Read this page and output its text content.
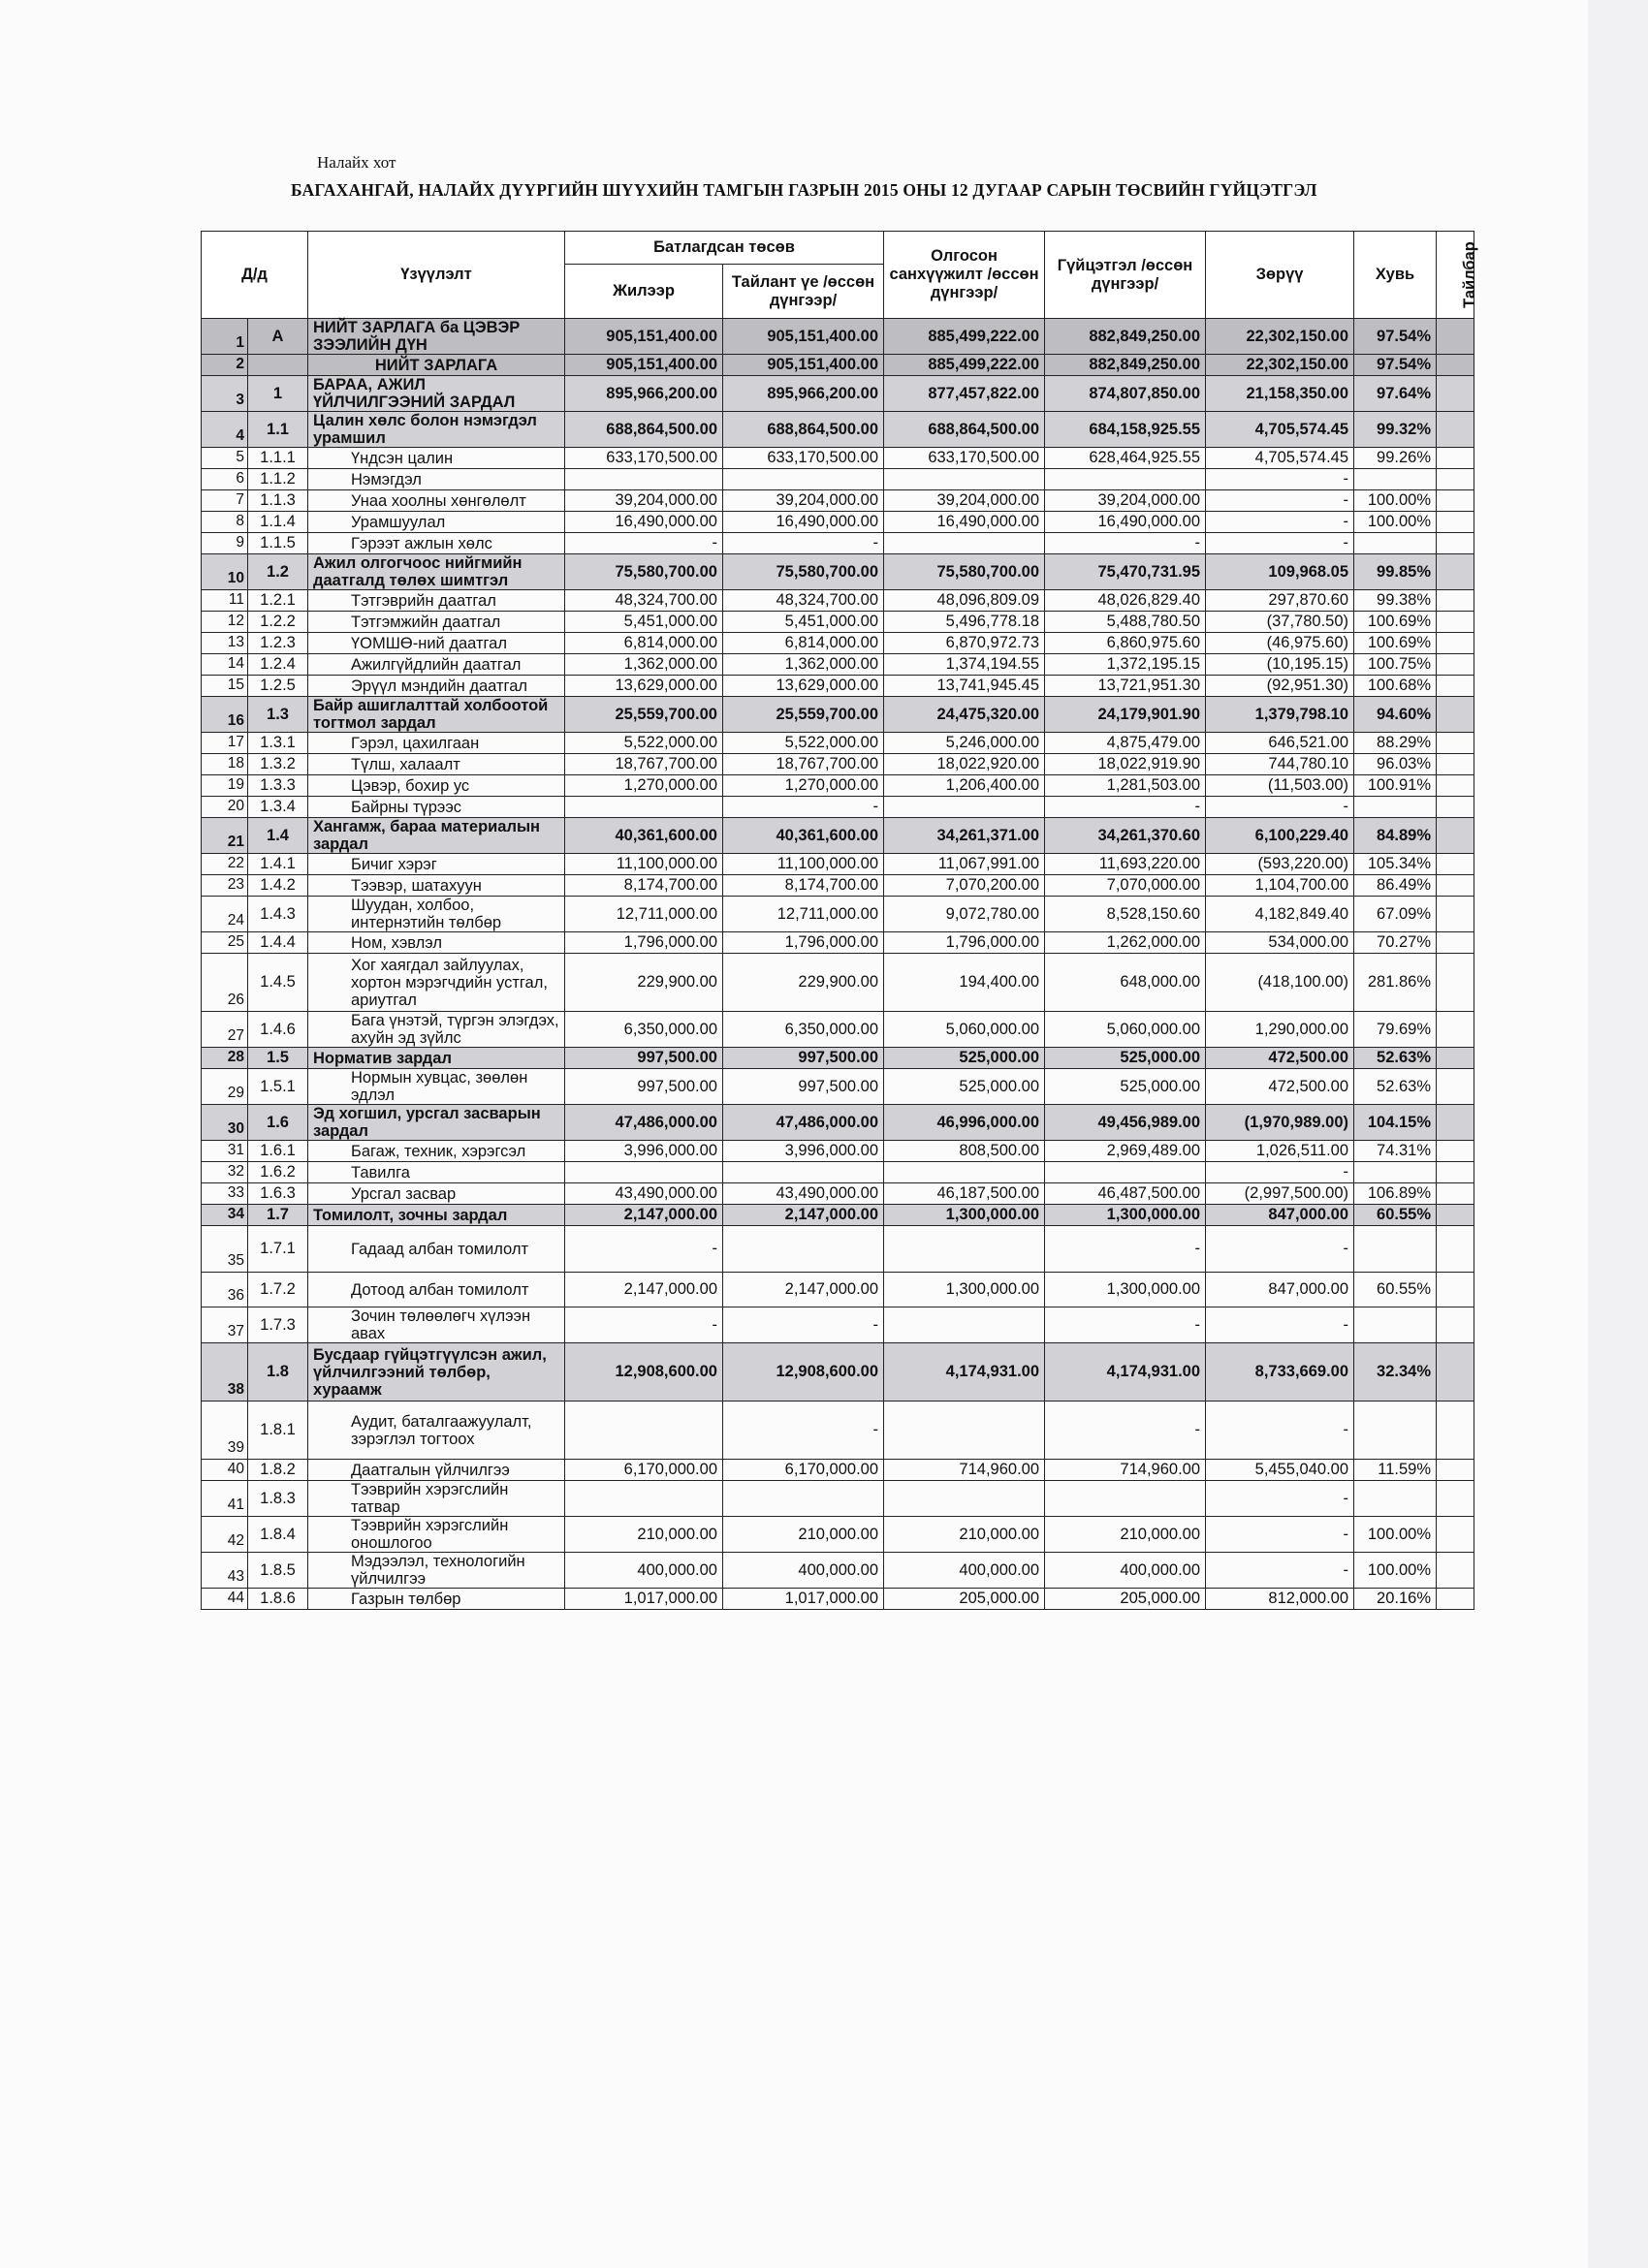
Налайх хот
БАГАХАНГАЙ, НАЛАЙХ ДҮҮРГИЙН ШҮҮХИЙН ТАМГЫН ГАЗРЫН 2015 ОНЫ 12 ДУГААР САРЫН ТӨСВИЙН ГҮЙЦЭТГЭЛ
Д/д		Үзүүлэлт	Батлагдсан төсөв		Олгосон санхүүжилт /өссөн дүнгээр/	Гүйцэтгэл /өссөн дүнгээр/	Зөрүү	Хувь	Тайлбар
			Жилээр	Тайлант үе /өссөн дүнгээр/					
1	А	НИЙТ ЗАРЛАГА ба ЦЭВЭР ЗЭЭЛИЙН ДҮН	905,151,400.00	905,151,400.00	885,499,222.00	882,849,250.00	22,302,150.00	97.54%	
2		НИЙТ ЗАРЛАГА	905,151,400.00	905,151,400.00	885,499,222.00	882,849,250.00	22,302,150.00	97.54%	
3	1	БАРАА, АЖИЛ ҮЙЛЧИЛГЭЭНИЙ ЗАРДАЛ	895,966,200.00	895,966,200.00	877,457,822.00	874,807,850.00	21,158,350.00	97.64%	
4	1.1	Цалин хөлс болон нэмэгдэл урамшил	688,864,500.00	688,864,500.00	688,864,500.00	684,158,925.55	4,705,574.45	99.32%	
5	1.1.1	Үндсэн цалин	633,170,500.00	633,170,500.00	633,170,500.00	628,464,925.55	4,705,574.45	99.26%	
6	1.1.2	Нэмэгдэл					-		
7	1.1.3	Унаа хоолны хөнгөлөлт	39,204,000.00	39,204,000.00	39,204,000.00	39,204,000.00	-	100.00%	
8	1.1.4	Урамшуулал	16,490,000.00	16,490,000.00	16,490,000.00	16,490,000.00	-	100.00%	
9	1.1.5	Гэрээт ажлын хөлс	-	-		-	-		
10	1.2	Ажил олгогчоос нийгмийн даатгалд төлөх шимтгэл	75,580,700.00	75,580,700.00	75,580,700.00	75,470,731.95	109,968.05	99.85%	
11	1.2.1	Тэтгэврийн даатгал	48,324,700.00	48,324,700.00	48,096,809.09	48,026,829.40	297,870.60	99.38%	
12	1.2.2	Тэтгэмжийн даатгал	5,451,000.00	5,451,000.00	5,496,778.18	5,488,780.50	(37,780.50)	100.69%	
13	1.2.3	ҮОМШӨ-ний даатгал	6,814,000.00	6,814,000.00	6,870,972.73	6,860,975.60	(46,975.60)	100.69%	
14	1.2.4	Ажилгүйдлийн даатгал	1,362,000.00	1,362,000.00	1,374,194.55	1,372,195.15	(10,195.15)	100.75%	
15	1.2.5	Эрүүл мэндийн даатгал	13,629,000.00	13,629,000.00	13,741,945.45	13,721,951.30	(92,951.30)	100.68%	
16	1.3	Байр ашиглалттай холбоотой тогтмол зардал	25,559,700.00	25,559,700.00	24,475,320.00	24,179,901.90	1,379,798.10	94.60%	
17	1.3.1	Гэрэл, цахилгаан	5,522,000.00	5,522,000.00	5,246,000.00	4,875,479.00	646,521.00	88.29%	
18	1.3.2	Түлш, халаалт	18,767,700.00	18,767,700.00	18,022,920.00	18,022,919.90	744,780.10	96.03%	
19	1.3.3	Цэвэр, бохир ус	1,270,000.00	1,270,000.00	1,206,400.00	1,281,503.00	(11,503.00)	100.91%	
20	1.3.4	Байрны түрээс		-		-	-		
21	1.4	Хангамж, бараа материалын зардал	40,361,600.00	40,361,600.00	34,261,371.00	34,261,370.60	6,100,229.40	84.89%	
22	1.4.1	Бичиг хэрэг	11,100,000.00	11,100,000.00	11,067,991.00	11,693,220.00	(593,220.00)	105.34%	
23	1.4.2	Тээвэр, шатахуун	8,174,700.00	8,174,700.00	7,070,200.00	7,070,000.00	1,104,700.00	86.49%	
24	1.4.3	Шуудан, холбоо, интернэтийн төлбөр	12,711,000.00	12,711,000.00	9,072,780.00	8,528,150.60	4,182,849.40	67.09%	
25	1.4.4	Ном, хэвлэл	1,796,000.00	1,796,000.00	1,796,000.00	1,262,000.00	534,000.00	70.27%	
26	1.4.5	Хог хаягдал зайлуулах, хортон мэрэгчдийн устгал, ариутгал	229,900.00	229,900.00	194,400.00	648,000.00	(418,100.00)	281.86%	
27	1.4.6	Бага үнэтэй, түргэн элэгдэх, ахуйн эд зүйлс	6,350,000.00	6,350,000.00	5,060,000.00	5,060,000.00	1,290,000.00	79.69%	
28	1.5	Норматив зардал	997,500.00	997,500.00	525,000.00	525,000.00	472,500.00	52.63%	
29	1.5.1	Нормын хувцас, зөөлөн эдлэл	997,500.00	997,500.00	525,000.00	525,000.00	472,500.00	52.63%	
30	1.6	Эд хогшил, урсгал засварын зардал	47,486,000.00	47,486,000.00	46,996,000.00	49,456,989.00	(1,970,989.00)	104.15%	
31	1.6.1	Багаж, техник, хэрэгсэл	3,996,000.00	3,996,000.00	808,500.00	2,969,489.00	1,026,511.00	74.31%	
32	1.6.2	Тавилга					-		
33	1.6.3	Урсгал засвар	43,490,000.00	43,490,000.00	46,187,500.00	46,487,500.00	(2,997,500.00)	106.89%	
34	1.7	Томилолт, зочны зардал	2,147,000.00	2,147,000.00	1,300,000.00	1,300,000.00	847,000.00	60.55%	
35	1.7.1	Гадаад албан томилолт	-			-	-		
36	1.7.2	Дотоод албан томилолт	2,147,000.00	2,147,000.00	1,300,000.00	1,300,000.00	847,000.00	60.55%	
37	1.7.3	Зочин төлөөлөгч хүлээн авах	-	-		-	-		
38	1.8	Бусдаар гүйцэтгүүлсэн ажил, үйлчилгээний төлбөр, хураамж	12,908,600.00	12,908,600.00	4,174,931.00	4,174,931.00	8,733,669.00	32.34%	
39	1.8.1	Аудит, баталгаажуулалт, зэрэглэл тогтоох		-		-	-		
40	1.8.2	Даатгалын үйлчилгээ	6,170,000.00	6,170,000.00	714,960.00	714,960.00	5,455,040.00	11.59%	
41	1.8.3	Тээврийн хэрэгслийн татвар					-		
42	1.8.4	Тээврийн хэрэгслийн оношлогоо	210,000.00	210,000.00	210,000.00	210,000.00	-	100.00%	
43	1.8.5	Мэдээлэл, технологийн үйлчилгээ	400,000.00	400,000.00	400,000.00	400,000.00	-	100.00%	
44	1.8.6	Газрын төлбөр	1,017,000.00	1,017,000.00	205,000.00	205,000.00	812,000.00	20.16%	
